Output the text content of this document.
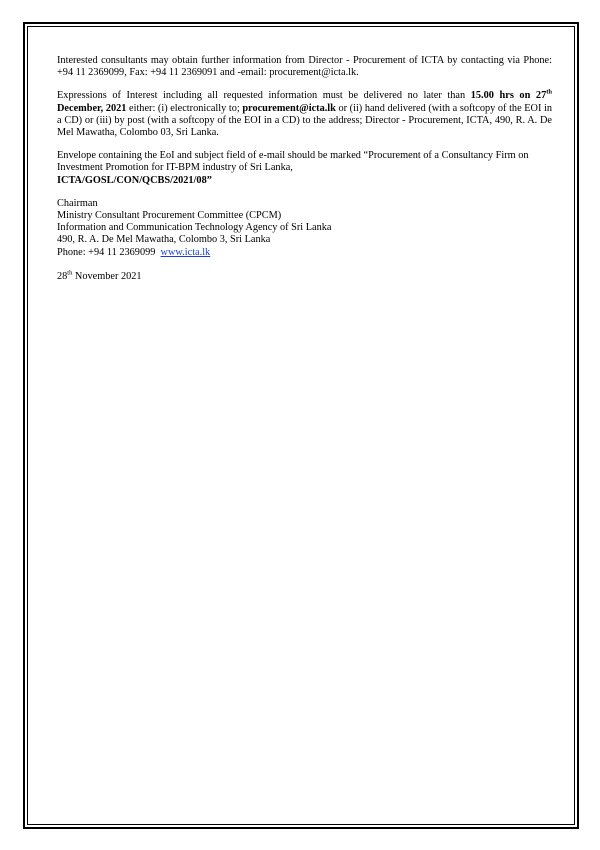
Interested consultants may obtain further information from Director - Procurement of ICTA by contacting via Phone: +94 11 2369099, Fax: +94 11 2369091 and -email: procurement@icta.lk.

Expressions of Interest including all requested information must be delivered no later than 15.00 hrs on 27th December, 2021 either: (i) electronically to; procurement@icta.lk or (ii) hand delivered (with a softcopy of the EOI in a CD) or (iii) by post (with a softcopy of the EOI in a CD) to the address; Director - Procurement, ICTA, 490, R. A. De Mel Mawatha, Colombo 03, Sri Lanka.

Envelope containing the EoI and subject field of e-mail should be marked “Procurement of a Consultancy Firm on Investment Promotion for IT-BPM industry of Sri Lanka,
ICTA/GOSL/CON/QCBS/2021/08”

Chairman
Ministry Consultant Procurement Committee (CPCM)
Information and Communication Technology Agency of Sri Lanka
490, R. A. De Mel Mawatha, Colombo 3, Sri Lanka
Phone: +94 11 2369099 www.icta.lk
28th November 2021
